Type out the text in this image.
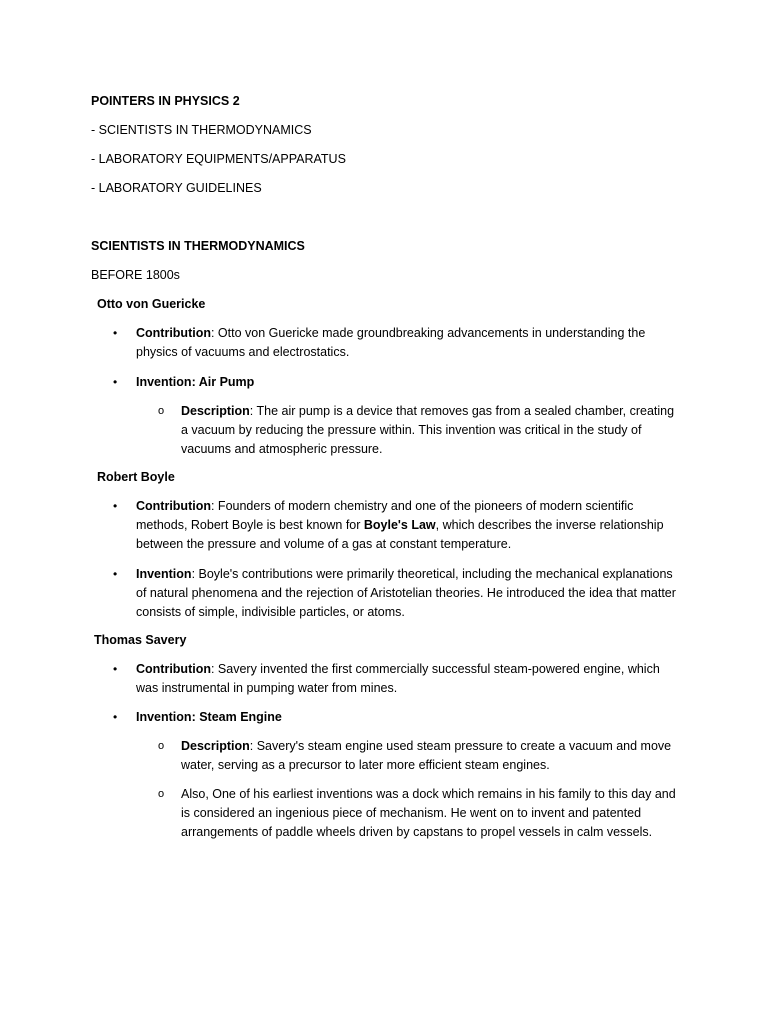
POINTERS IN PHYSICS 2

- SCIENTISTS IN THERMODYNAMICS

- LABORATORY EQUIPMENTS/APPARATUS

- LABORATORY GUIDELINES

SCIENTISTS IN THERMODYNAMICS

BEFORE 1800s

Otto von Guericke

• Contribution: Otto von Guericke made groundbreaking advancements in understanding the physics of vacuums and electrostatics.

• Invention: Air Pump

o Description: The air pump is a device that removes gas from a sealed chamber, creating a vacuum by reducing the pressure within. This invention was critical in the study of vacuums and atmospheric pressure.

Robert Boyle

• Contribution: Founders of modern chemistry and one of the pioneers of modern scientific methods, Robert Boyle is best known for Boyle's Law, which describes the inverse relationship between the pressure and volume of a gas at constant temperature.

• Invention: Boyle's contributions were primarily theoretical, including the mechanical explanations of natural phenomena and the rejection of Aristotelian theories. He introduced the idea that matter consists of simple, indivisible particles, or atoms.

Thomas Savery

• Contribution: Savery invented the first commercially successful steam-powered engine, which was instrumental in pumping water from mines.

• Invention: Steam Engine

o Description: Savery's steam engine used steam pressure to create a vacuum and move water, serving as a precursor to later more efficient steam engines.

o Also, One of his earliest inventions was a dock which remains in his family to this day and is considered an ingenious piece of mechanism. He went on to invent and patented arrangements of paddle wheels driven by capstans to propel vessels in calm vessels.
